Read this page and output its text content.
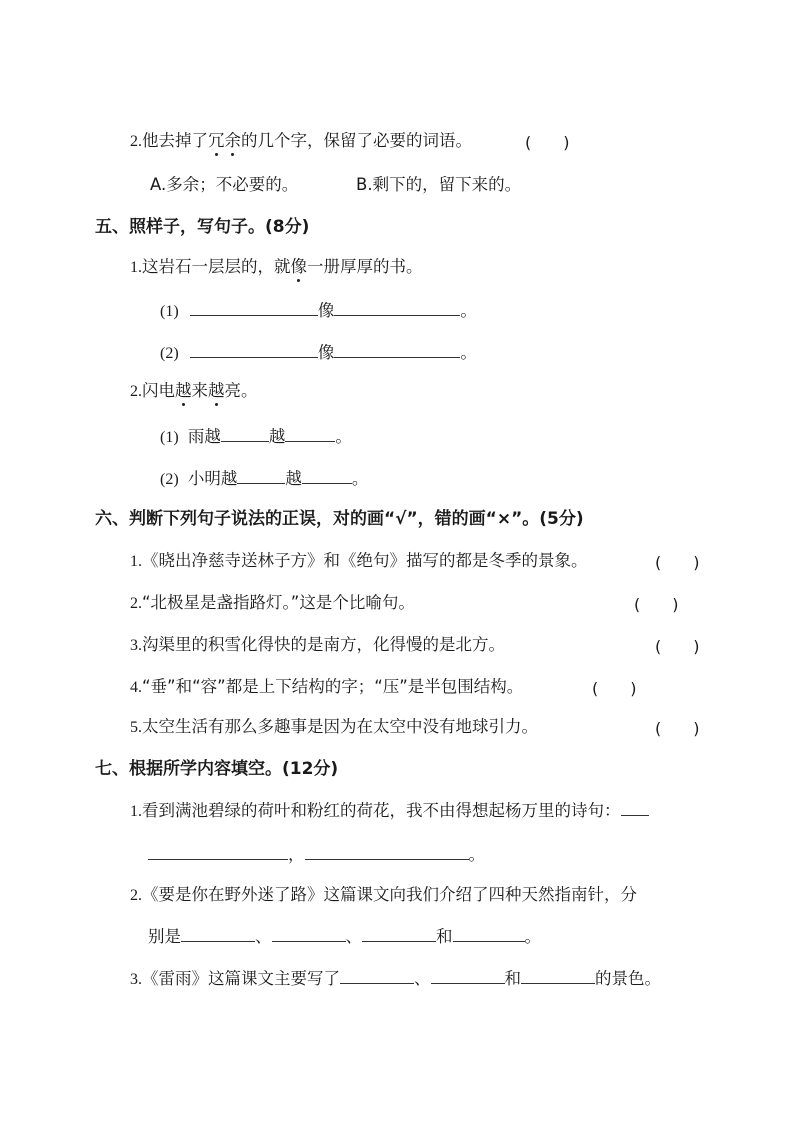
2.他去掉了冗余的几个字，保留了必要的词语。	(　　)
A.多余；不必要的。	B.剩下的，留下来的。
五、照样子，写句子。(8分)
1.这岩石一层层的，就像一册厚厚的书。
(1)	像	。
(2)	像	。
2.闪电越来越亮。
(1) 雨越	越	。
(2) 小明越	越	。
六、判断下列句子说法的正误，对的画“√”，错的画“×”。(5分)
1.《晓出净慈寺送林子方》和《绝句》描写的都是冬季的景象。	(　　)
2.“北极星是盏指路灯。”这是个比喻句。	(　　)
3.沟渠里的积雪化得快的是南方，化得慢的是北方。	(　　)
4.“垂”和“容”都是上下结构的字；“压”是半包围结构。	(　　)
5.太空生活有那么多趣事是因为在太空中没有地球引力。	(　　)
七、根据所学内容填空。(12分)
1.看到满池碧绿的荷叶和粉红的荷花，我不由得想起杨万里的诗句：
，	。
2.《要是你在野外迷了路》这篇课文向我们介绍了四种天然指南针，分
别是	、	、	和	。
3.《雷雨》这篇课文主要写了	、	和	的景色。
